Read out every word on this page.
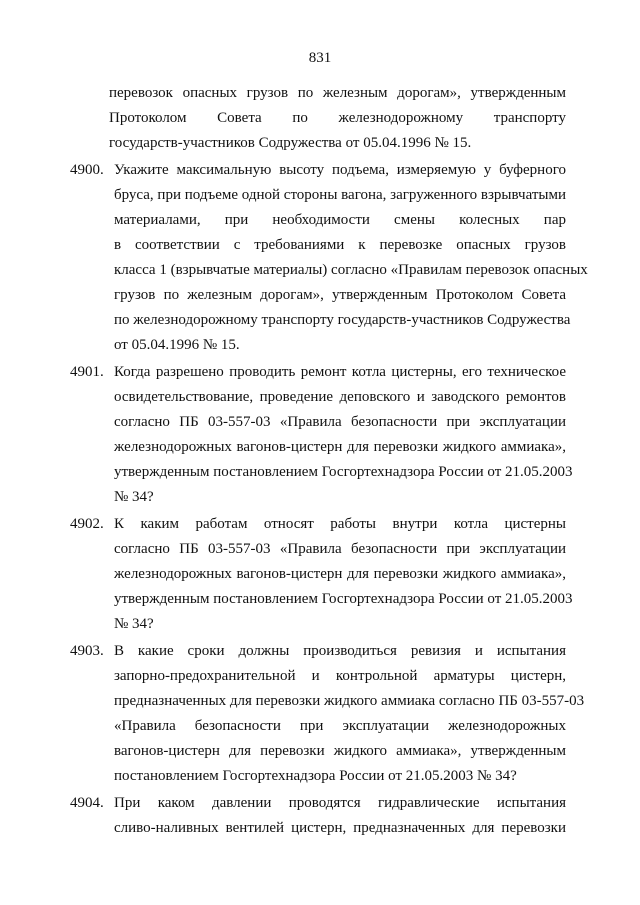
831

перевозок опасных грузов по железным дорогам», утвержденным
Протоколом Совета по железнодорожному транспорту
государств-участников Содружества от 05.04.1996 № 15.
4900. Укажите максимальную высоту подъема, измеряемую у буферного
бруса, при подъеме одной стороны вагона, загруженного взрывчатыми
материалами, при необходимости смены колесных пар
в соответствии с требованиями к перевозке опасных грузов
класса 1 (взрывчатые материалы) согласно «Правилам перевозок опасных
грузов по железным дорогам», утвержденным Протоколом Совета
по железнодорожному транспорту государств-участников Содружества
от 05.04.1996 № 15.
4901. Когда разрешено проводить ремонт котла цистерны, его техническое
освидетельствование, проведение деповского и заводского ремонтов
согласно ПБ 03-557-03 «Правила безопасности при эксплуатации
железнодорожных вагонов-цистерн для перевозки жидкого аммиака»,
утвержденным постановлением Госгортехнадзора России от 21.05.2003
№ 34?
4902. К каким работам относят работы внутри котла цистерны
согласно ПБ 03-557-03 «Правила безопасности при эксплуатации
железнодорожных вагонов-цистерн для перевозки жидкого аммиака»,
утвержденным постановлением Госгортехнадзора России от 21.05.2003
№ 34?
4903. В какие сроки должны производиться ревизия и испытания
запорно-предохранительной и контрольной арматуры цистерн,
предназначенных для перевозки жидкого аммиака согласно ПБ 03-557-03
«Правила безопасности при эксплуатации железнодорожных
вагонов-цистерн для перевозки жидкого аммиака», утвержденным
постановлением Госгортехнадзора России от 21.05.2003 № 34?
4904. При каком давлении проводятся гидравлические испытания
сливо-наливных вентилей цистерн, предназначенных для перевозки
